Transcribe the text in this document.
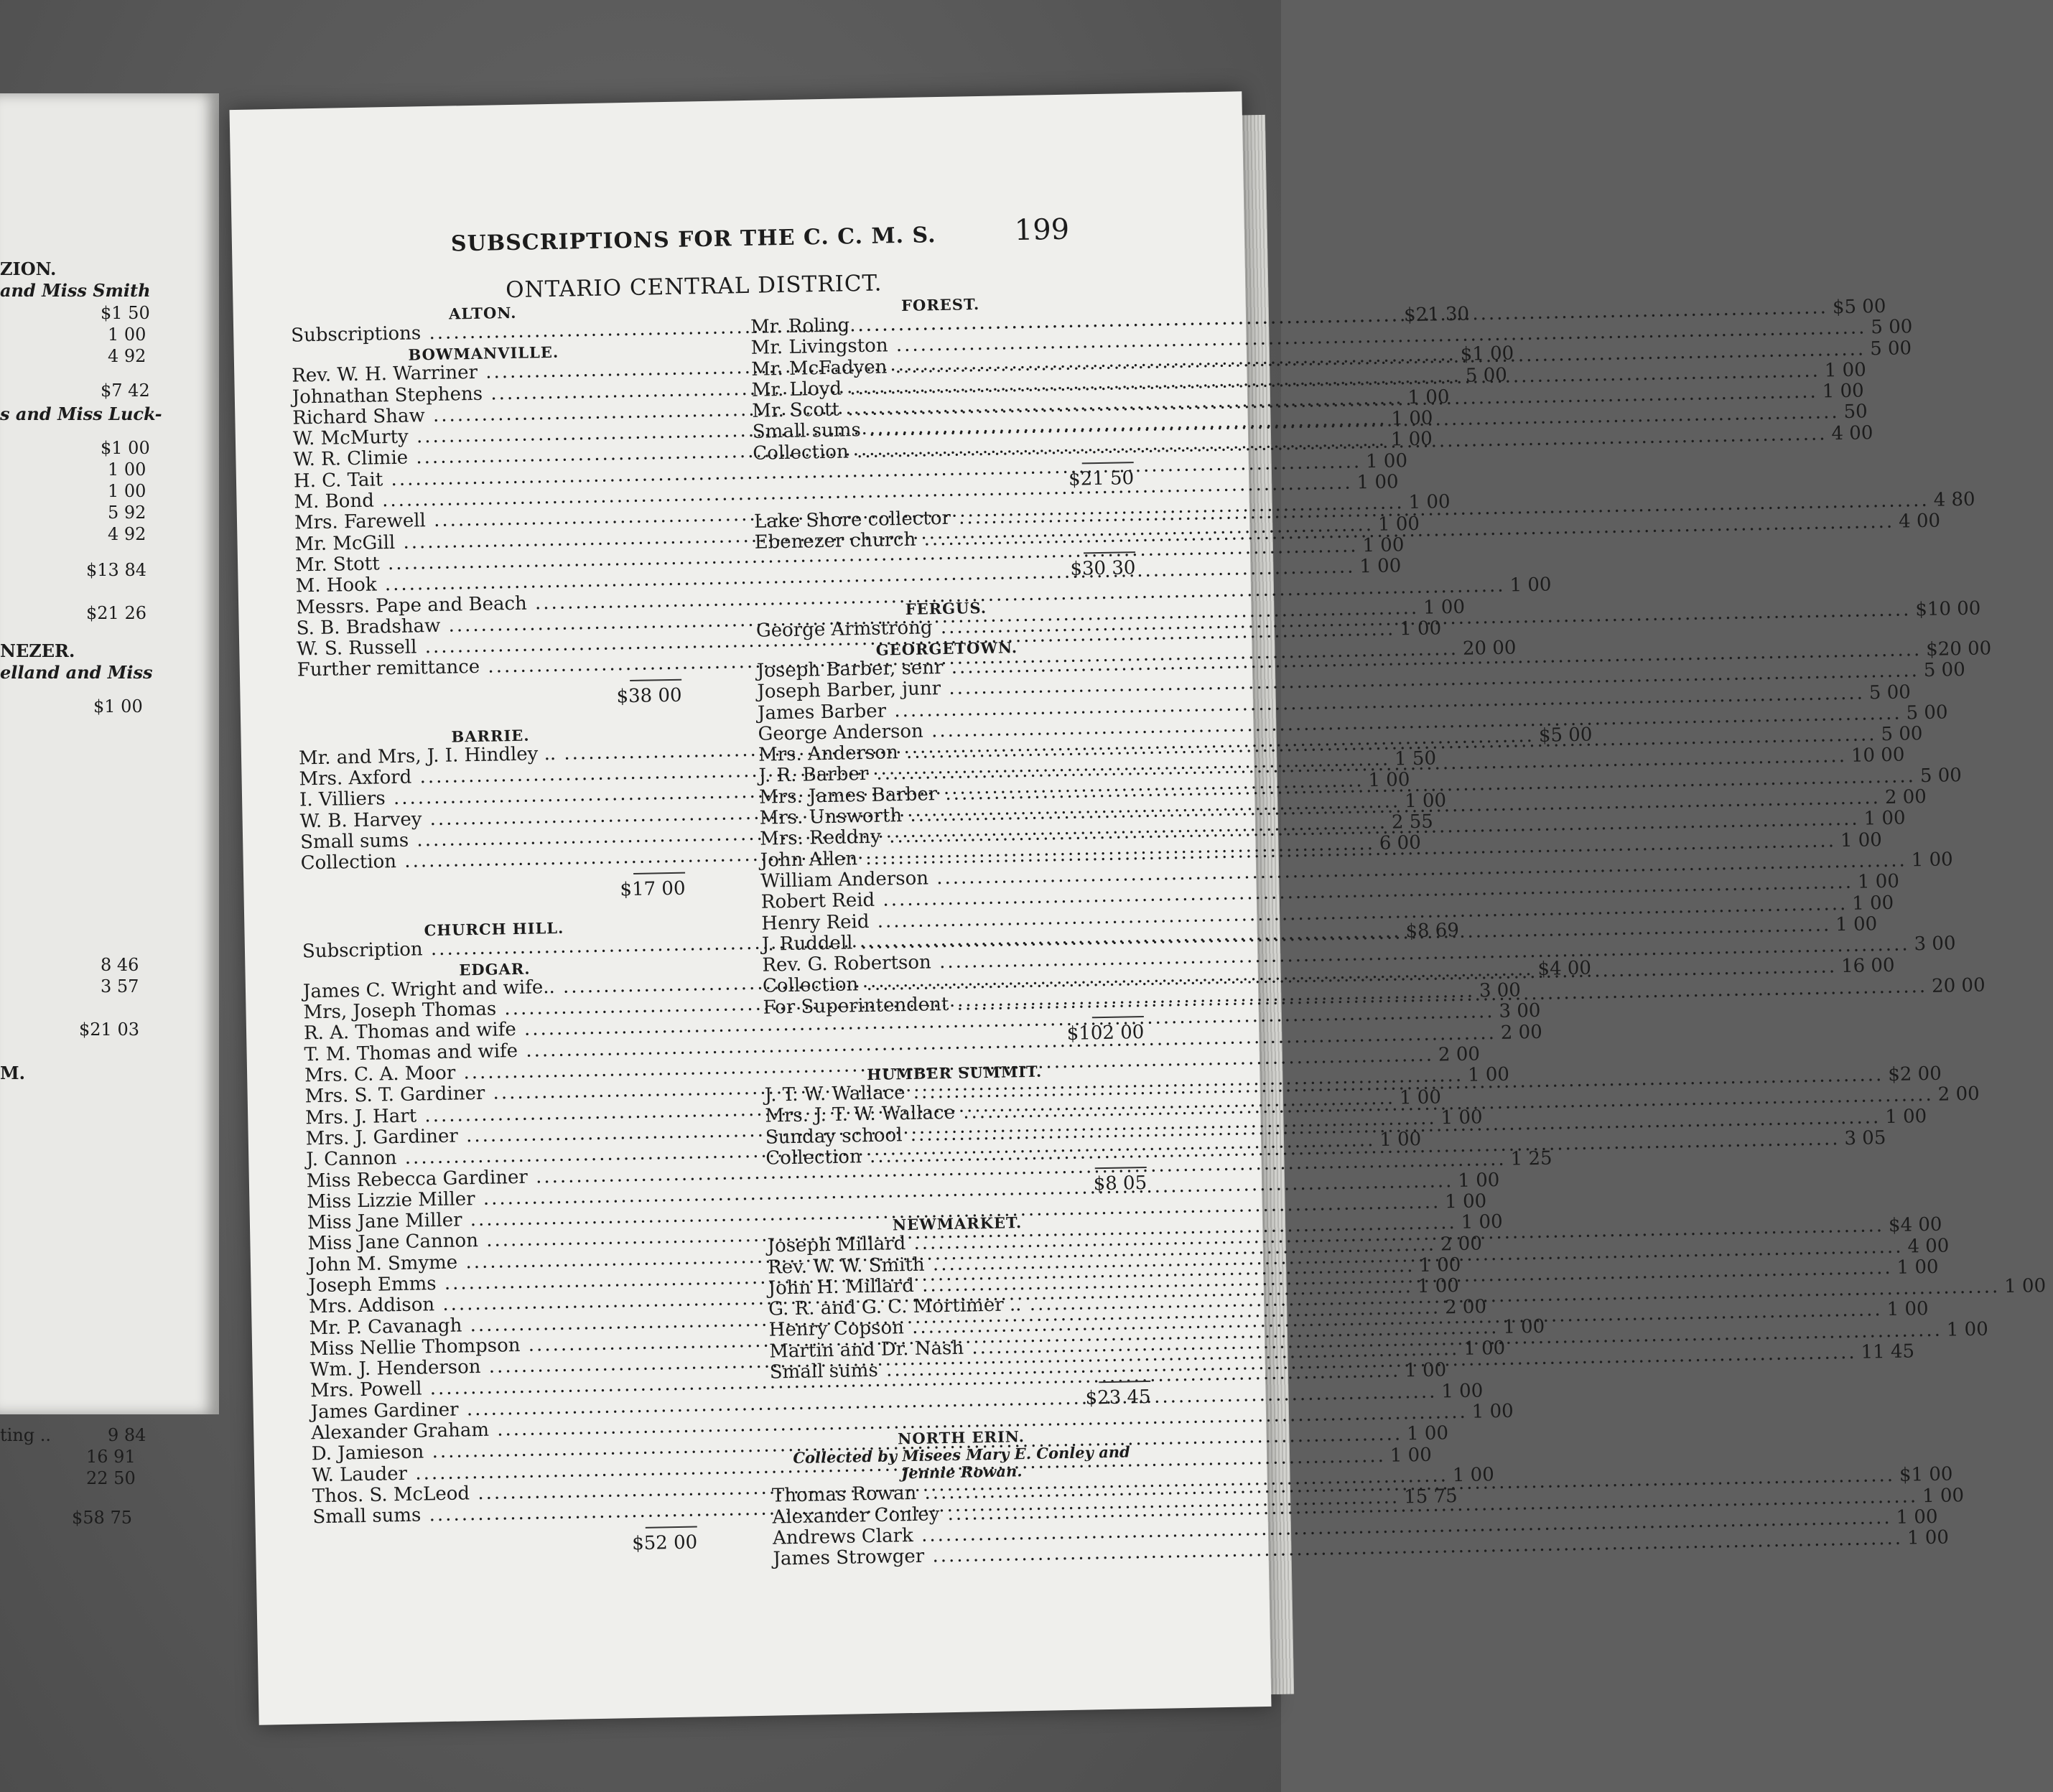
ZION.
and Miss Smith
$1 50
1 00
4 92
$7 42
s and Miss Luck-
$1 00
1 00
1 00
5 92
4 92
$13 84
$21 26
NEZER.
elland and Miss
$1 00
8 46
3 57
$21 03
M.
ting ..	9 84
16 91
22 50
$58 75
SUBSCRIPTIONS FOR THE C. C. M. S.	199
ONTARIO CENTRAL DISTRICT.
ALTON.
Subscriptions .....
$21 30
BOWMANVILLE.
Rev. W. H. Warriner .....
$1 00
Johnathan Stephens .....
5 00
Richard Shaw .....
1 00
W. McMurty .....
1 00
W. R. Climie .....
1 00
H. C. Tait .....
1 00
M. Bond .....
1 00
Mrs. Farewell .....
1 00
Mr. McGill .....
1 00
Mr. Stott .....
1 00
M. Hook .....
1 00
Messrs. Pape and Beach .....
1 00
S. B. Bradshaw .....
1 00
W. S. Russell .....
1 00
Further remittance .....
20 00
$38 00
BARRIE.
Mr. and Mrs, J. I. Hindley .. .....
$5 00
Mrs. Axford .....
1 50
I. Villiers .....
1 00
W. B. Harvey .....
1 00
Small sums .....
2 55
Collection .....
6 00
$17 00
CHURCH HILL.
Subscription .....
$8 69
EDGAR.
James C. Wright and wife.. .....
$4 00
Mrs, Joseph Thomas .....
3 00
R. A. Thomas and wife .....
3 00
T. M. Thomas and wife .....
2 00
Mrs. C. A. Moor .....
2 00
Mrs. S. T. Gardiner .....
1 00
Mrs. J. Hart .....
1 00
Mrs. J. Gardiner .....
1 00
J. Cannon .....
1 00
Miss Rebecca Gardiner .....
1 25
Miss Lizzie Miller .....
1 00
Miss Jane Miller .....
1 00
Miss Jane Cannon .....
1 00
John M. Smyme .....
2 00
Joseph Emms .....
1 00
Mrs. Addison .....
1 00
Mr. P. Cavanagh .....
2 00
Miss Nellie Thompson .....
1 00
Wm. J. Henderson .....
1 00
Mrs. Powell .....
1 00
James Gardiner .....
1 00
Alexander Graham .....
1 00
D. Jamieson .....
1 00
W. Lauder .....
1 00
Thos. S. McLeod .....
1 00
Small sums .....
15 75
$52 00
FOREST.
Mr. Roling .....
$5 00
Mr. Livingston .....
5 00
Mr. McFadyen .....
5 00
Mr. Lloyd .....
1 00
Mr. Scott .....
1 00
Small sums .....
50
Collection .....
4 00
$21 50
Lake Shore collector .....
4 80
Ebenezer church .....
4 00
$30 30
FERGUS.
George Armstrong .....
$10 00
GEORGETOWN.
Joseph Barber, senr .....
$20 00
Joseph Barber, junr .....
5 00
James Barber .....
5 00
George Anderson .....
5 00
Mrs. Anderson .....
5 00
J. R. Barber .....
10 00
Mrs. James Barber .....
5 00
Mrs. Unsworth .....
2 00
Mrs. Reddny .....
1 00
John Allen .....
1 00
William Anderson .....
1 00
Robert Reid .....
1 00
Henry Reid .....
1 00
J. Ruddell .....
1 00
Rev. G. Robertson .....
3 00
Collection .....
16 00
For Superintendent .....
20 00
$102 00
HUMBER SUMMIT.
J. T. W. Wallace .....
$2 00
Mrs. J. T. W. Wallace .....
2 00
Sunday school .....
1 00
Collection .....
3 05
$8 05
NEWMARKET.
Joseph Millard .....
$4 00
Rev. W. W. Smith .....
4 00
John H. Millard .....
1 00
G. R. and G. C. Mortimer .. .....
1 00
Henry Copson .....
1 00
Martin and Dr. Nash .....
1 00
Small sums .....
11 45
$23 45
NORTH ERIN.
Collected by Misees Mary E. Conley and Jennie Rowan.
Thomas Rowan .....
$1 00
Alexander Conley .....
1 00
Andrews Clark .....
1 00
James Strowger .....
1 00
